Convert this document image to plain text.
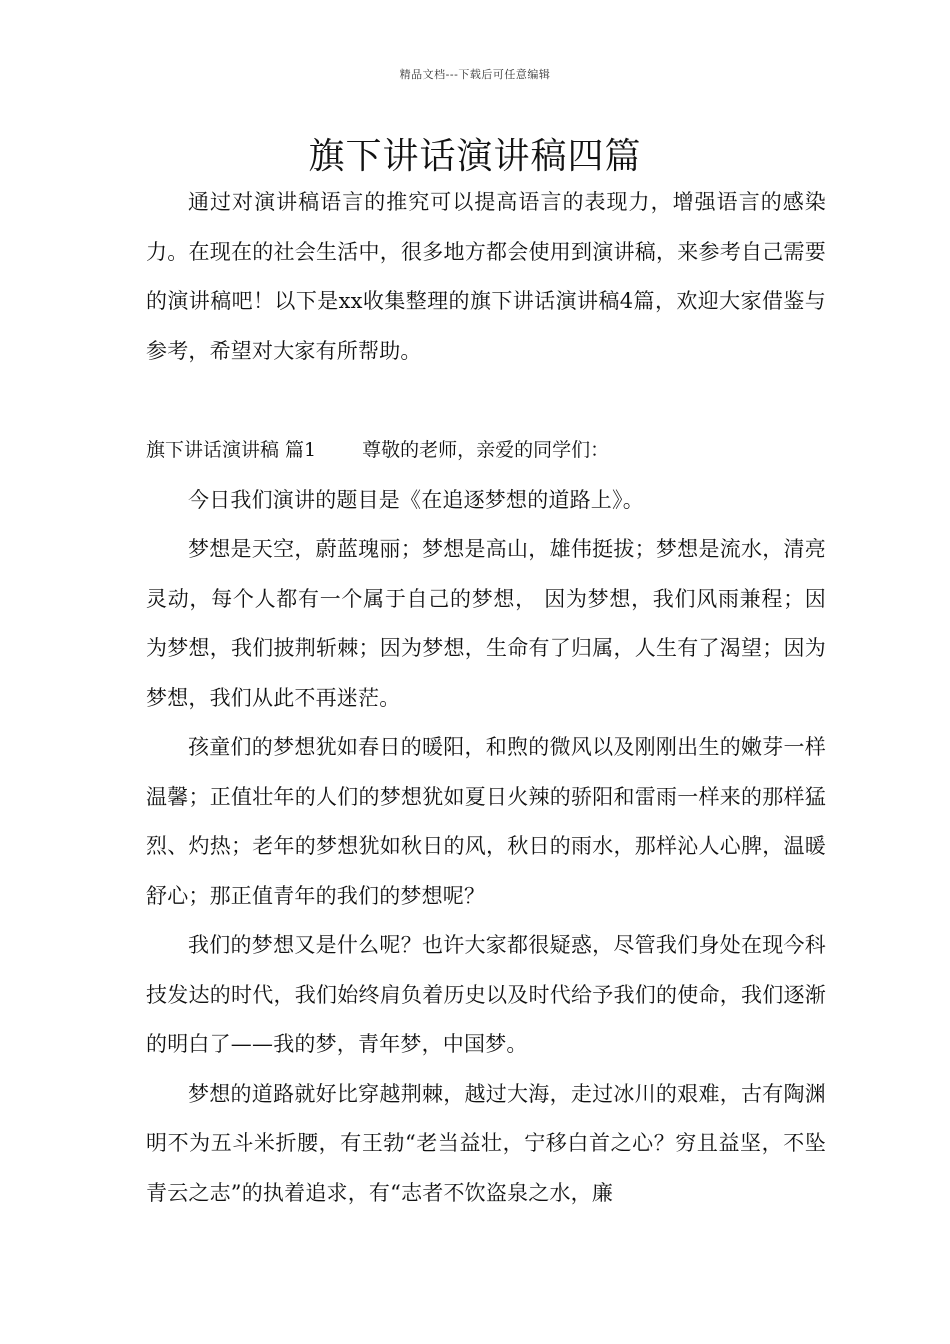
精品文档---下载后可任意编辑
旗下讲话演讲稿四篇

通过对演讲稿语言的推究可以提高语言的表现力，增强语言的感染力。在现在的社会生活中，很多地方都会使用到演讲稿，来参考自己需要的演讲稿吧！以下是xx收集整理的旗下讲话演讲稿4篇，欢迎大家借鉴与参考，希望对大家有所帮助。

旗下讲话演讲稿 篇1 尊敬的老师，亲爱的同学们：

今日我们演讲的题目是《在追逐梦想的道路上》。

梦想是天空，蔚蓝瑰丽；梦想是高山，雄伟挺拔；梦想是流水，清亮灵动，每个人都有一个属于自己的梦想， 因为梦想，我们风雨兼程；因为梦想，我们披荆斩棘；因为梦想，生命有了归属，人生有了渴望；因为梦想，我们从此不再迷茫。

孩童们的梦想犹如春日的暖阳，和煦的微风以及刚刚出生的嫩芽一样温馨；正值壮年的人们的梦想犹如夏日火辣的骄阳和雷雨一样来的那样猛烈、灼热；老年的梦想犹如秋日的风，秋日的雨水，那样沁人心脾，温暖舒心；那正值青年的我们的梦想呢？

我们的梦想又是什么呢？也许大家都很疑惑，尽管我们身处在现今科技发达的时代，我们始终肩负着历史以及时代给予我们的使命，我们逐渐的明白了——我的梦，青年梦，中国梦。

梦想的道路就好比穿越荆棘，越过大海，走过冰川的艰难，古有陶渊明不为五斗米折腰，有王勃“老当益壮，宁移白首之心？穷且益坚，不坠青云之志”的执着追求，有“志者不饮盗泉之水，廉
